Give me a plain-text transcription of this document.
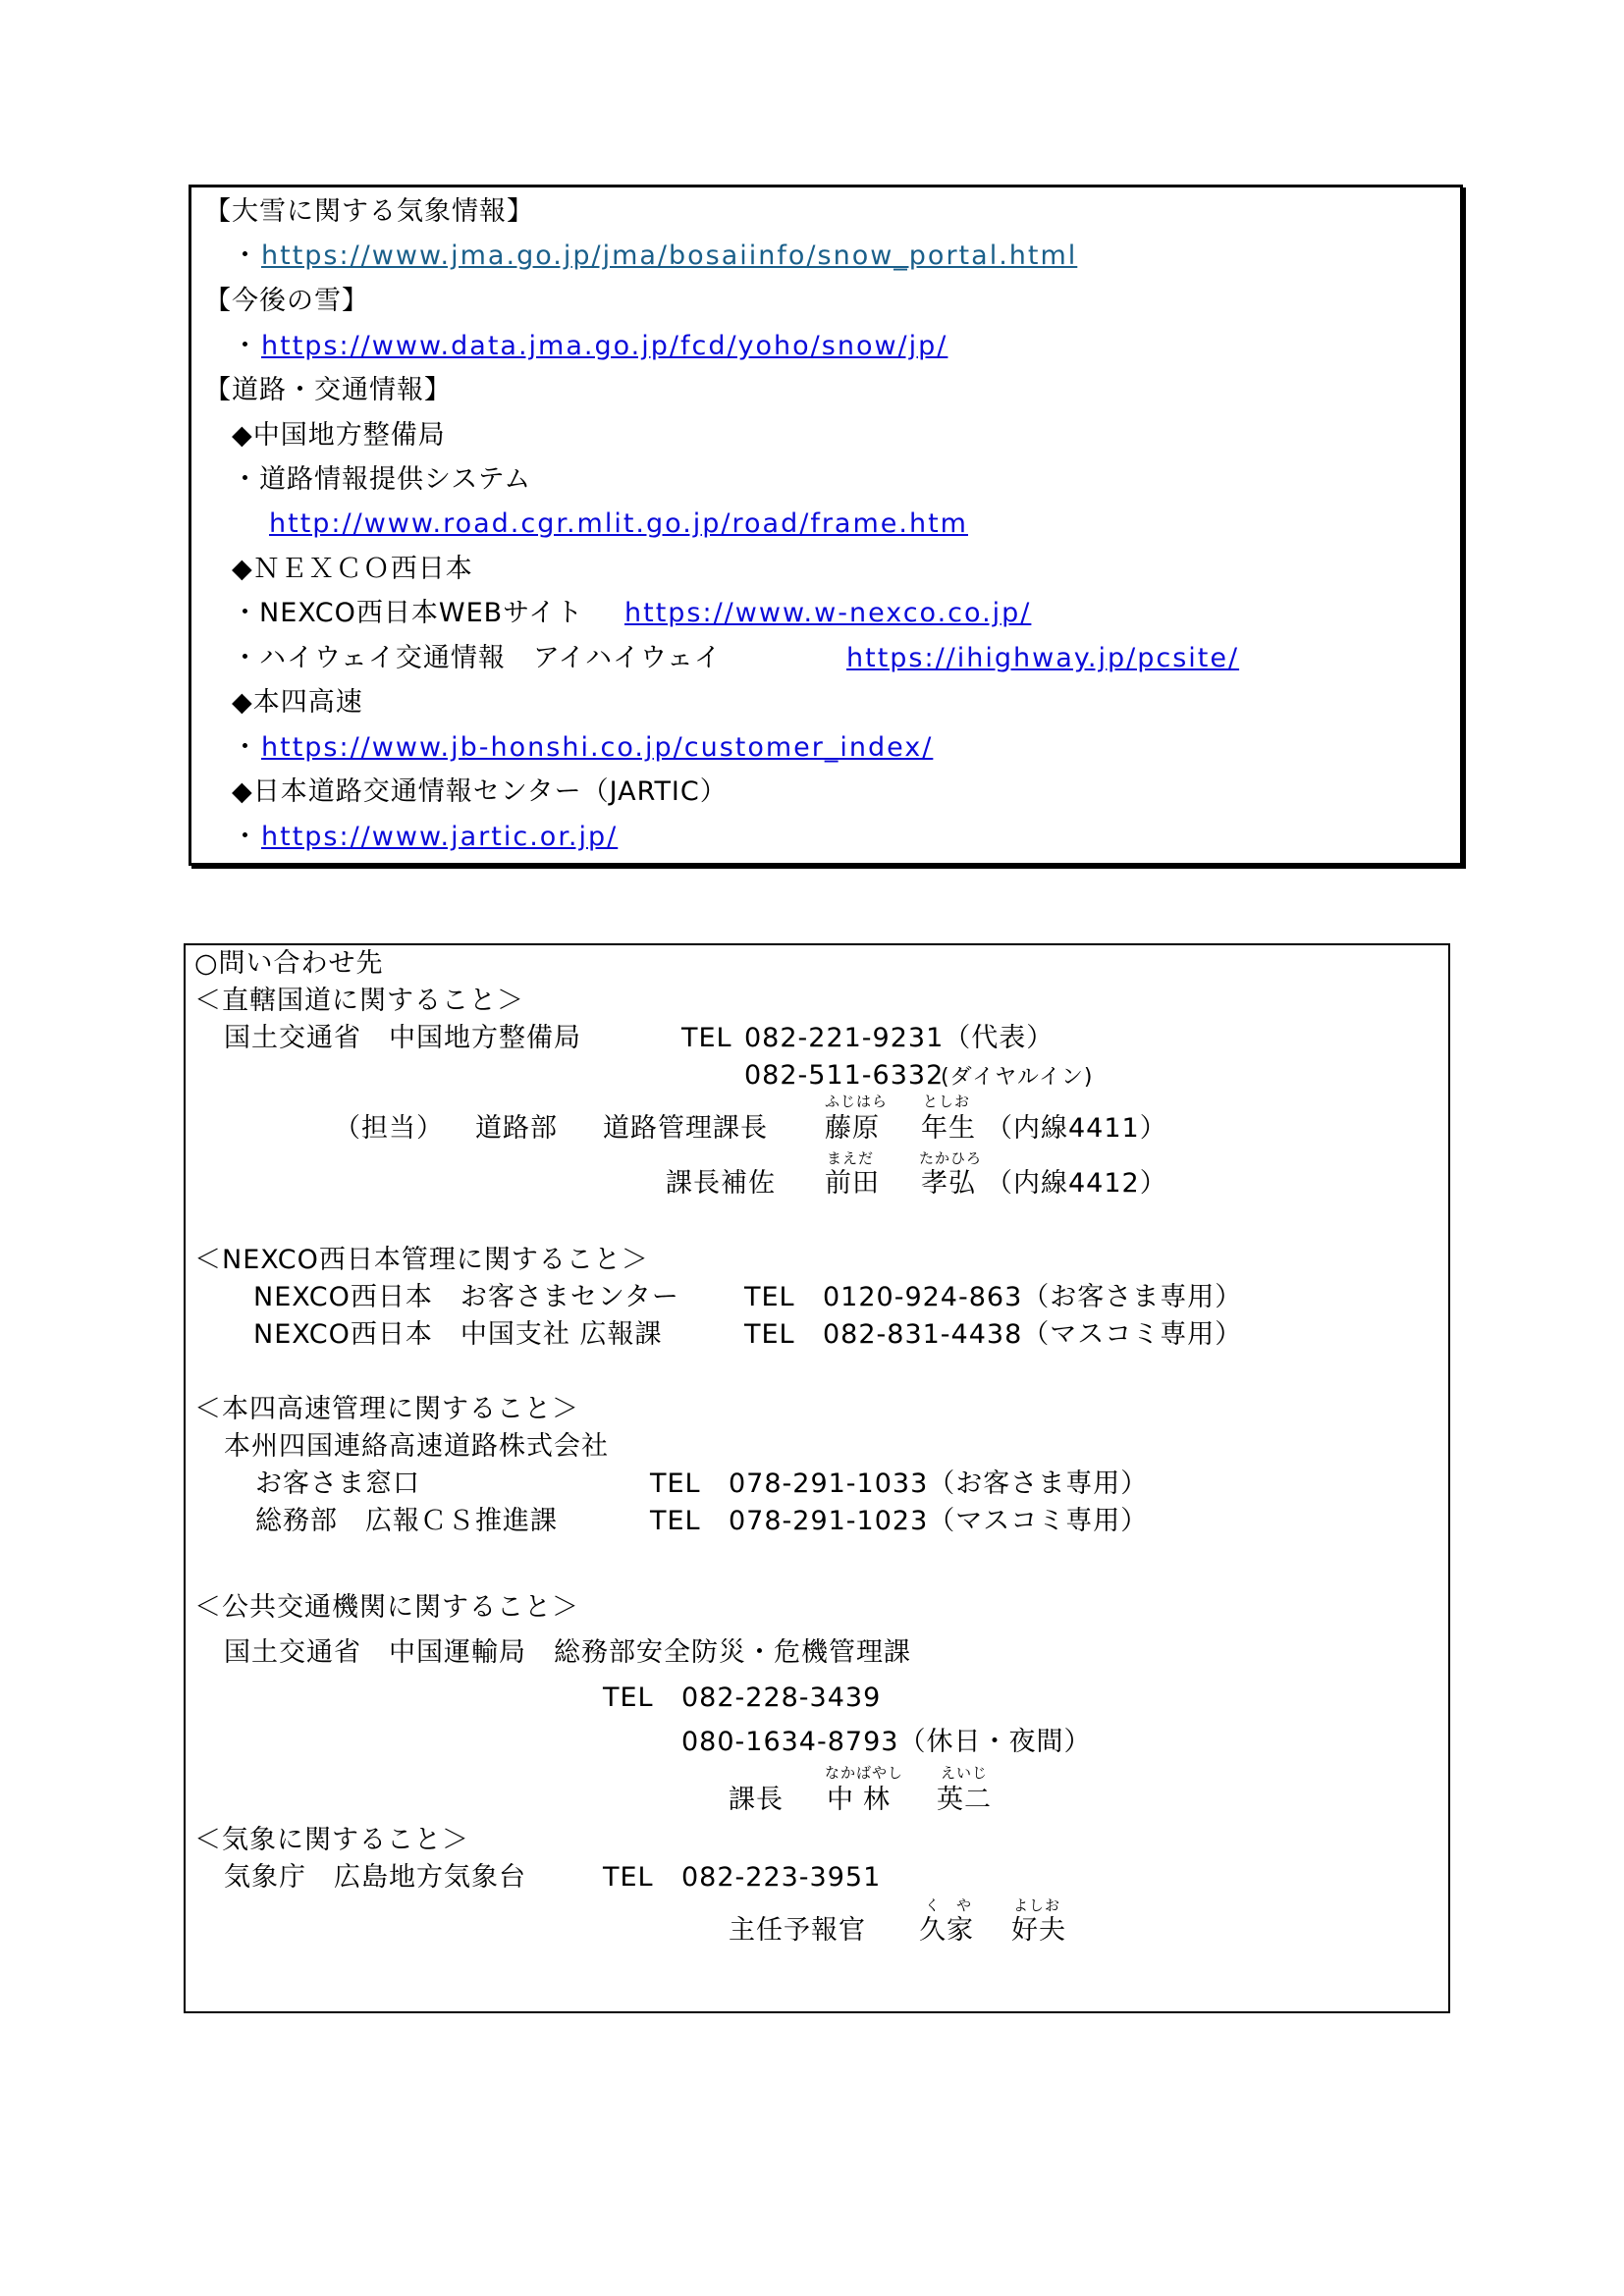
【大雪に関する気象情報】
・ https://www.jma.go.jp/jma/bosaiinfo/snow_portal.html
【今後の雪】
・ https://www.data.jma.go.jp/fcd/yoho/snow/jp/
【道路・交通情報】
◆中国地方整備局
・道路情報提供システム
http://www.road.cgr.mlit.go.jp/road/frame.htm
◆ＮＥＸＣＯ西日本
・NEXCO西日本WEBサイト https://www.w-nexco.co.jp/
・ハイウェイ交通情報　アイハイウェイ	https://ihighway.jp/pcsite/
◆本四高速
・ https://www.jb-honshi.co.jp/customer_index/
◆日本道路交通情報センター（JARTIC）
・ https://www.jartic.or.jp/
○問い合わせ先
＜直轄国道に関すること＞
国土交通省　中国地方整備局	TEL 082-221-9231（代表）
082-511-6332
(ダイヤルイン)
ふじはら としお
（担当） 道路部 道路管理課長 藤原 年生 （内線4411）
まえだ	たかひろ
課長補佐 前田 孝弘 （内線4412）
＜NEXCO西日本管理に関すること＞
NEXCO西日本　お客さまセンター TEL 0120-924-863（お客さま専用）
NEXCO西日本　中国支社 広報課	TEL 082-831-4438（マスコミ専用）
＜本四高速管理に関すること＞
本州四国連絡高速道路株式会社
お客さま窓口	TEL 078-291-1033（お客さま専用）
総務部　広報ＣＳ推進課	TEL 078-291-1023（マスコミ専用）
＜公共交通機関に関すること＞
国土交通省　中国運輸局　総務部安全防災・危機管理課
TEL 082-228-3439
080-1634-8793（休日・夜間）
なかばやし	えいじ
課長 中林 英二
＜気象に関すること＞
気象庁　広島地方気象台	TEL 082-223-3951
く　や	よしお
主任予報官 久家 好夫
